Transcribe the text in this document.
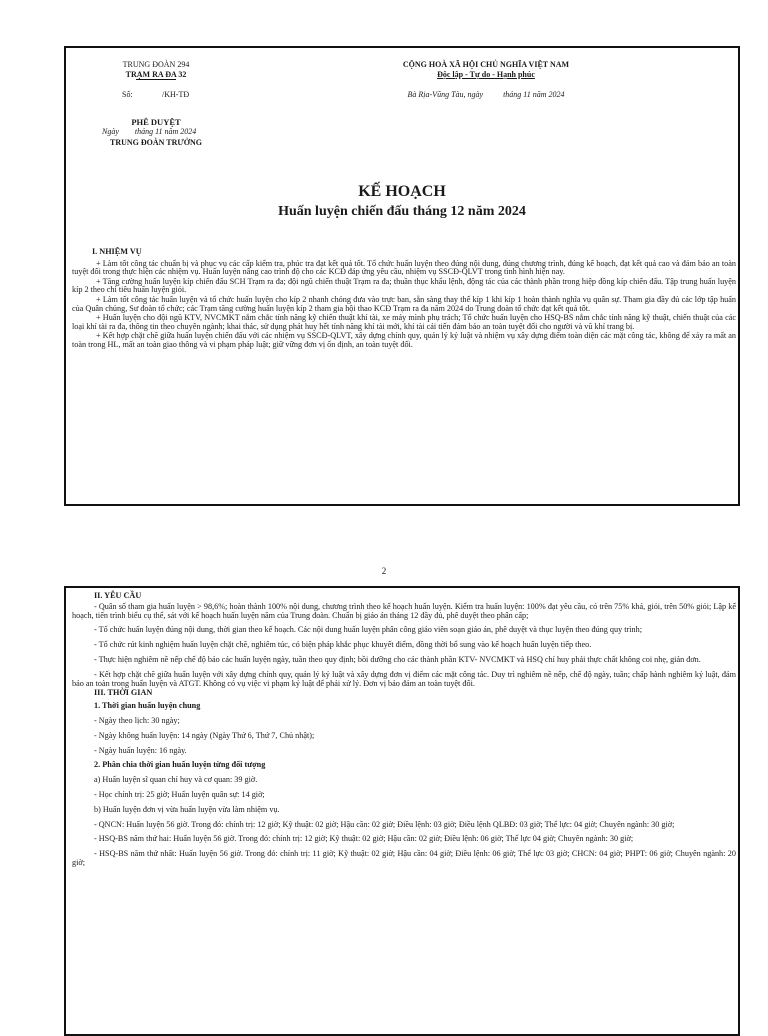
TRUNG ĐOÀN 294
TRẠM RA ĐA 32
Số:	/KH-TĐ
CỘNG HOÀ XÃ HỘI CHỦ NGHĨA VIỆT NAM
Độc lập - Tự do - Hạnh phúc
Bà Rịa-Vũng Tàu, ngày          tháng 11 năm 2024
PHÊ DUYỆT
Ngày        tháng 11 năm 2024
TRUNG ĐOÀN TRƯỞNG
KẾ HOẠCH
Huấn luyện chiến đấu tháng 12 năm 2024

I. NHIỆM VỤ

+ Làm tốt công tác chuẩn bị và phục vụ các cấp kiểm tra, phúc tra đạt kết quả tốt. Tổ chức huấn luyện theo đúng nội dung, đúng chương trình, đúng kế hoạch, đạt kết quả cao và đảm bảo an toàn tuyệt đối trong thực hiện các nhiệm vụ. Huấn luyện nâng cao trình độ cho các KCĐ đáp ứng yêu cầu, nhiệm vụ SSCĐ-QLVT trong tình hình hiện nay.

+ Tăng cường huấn luyện kíp chiến đấu SCH Trạm ra đa; đội ngũ chiến thuật Trạm ra đa; thuần thục khẩu lệnh, động tác của các thành phần trong hiệp đồng kíp chiến đấu. Tập trung huấn luyện kíp 2 theo chỉ tiêu huấn luyện giỏi.

+ Làm tốt công tác huấn luyện và tổ chức huấn luyện cho kíp 2 nhanh chóng đưa vào trực ban, sẵn sàng thay thế kíp 1 khi kíp 1 hoàn thành nghĩa vụ quân sự. Tham gia đầy đủ các lớp tập huấn của Quân chủng, Sư đoàn tổ chức; các Trạm tăng cường huấn luyện kíp 2 tham gia hội thao KCĐ Trạm ra đa năm 2024 do Trung đoàn tổ chức đạt kết quả tốt.

+ Huấn luyện cho đội ngũ KTV, NVCMKT nắm chắc tính năng kỹ chiến thuật khí tài, xe máy mình phụ trách; Tổ chức huấn luyện cho HSQ-BS nắm chắc tính năng kỹ thuật, chiến thuật của các loại khí tài ra đa, thông tin theo chuyên ngành; khai thác, sử dụng phát huy hết tính năng khí tài mới, khí tài cải tiến đảm bảo an toàn tuyệt đối cho người và vũ khí trang bị.

+ Kết hợp chặt chẽ giữa huấn luyện chiến đấu với các nhiệm vụ SSCĐ-QLVT, xây dựng chính quy, quản lý kỷ luật và nhiệm vụ xây dựng điểm toàn diện các mặt công tác, không để xảy ra mất an toàn trong HL, mất an toàn giao thông và vi phạm pháp luật; giữ vững đơn vị ổn định, an toàn tuyệt đối.

2

II. YÊU CẦU

- Quân số tham gia huấn luyện > 98,6%; hoàn thành 100% nội dung, chương trình theo kế hoạch huấn luyện. Kiểm tra huấn luyện: 100% đạt yêu cầu, có trên 75% khá, giỏi, trên 50% giỏi; Lập kế hoạch, tiến trình biểu cụ thể, sát với kế hoạch huấn luyện năm của Trung đoàn. Chuẩn bị giáo án tháng 12 đầy đủ, phê duyệt theo phân cấp;

- Tổ chức huấn luyện đúng nội dung, thời gian theo kế hoạch. Các nội dung huấn luyện phân công giáo viên soạn giáo án, phê duyệt và thục luyện theo đúng quy trình;

- Tổ chức rút kinh nghiệm huấn luyện chặt chẽ, nghiêm túc, có biện pháp khắc phục khuyết điểm, đồng thời bổ sung vào kế hoạch huấn luyện tiếp theo.

- Thực hiện nghiêm nề nếp chế độ bảo các huấn luyện ngày, tuần theo quy định; bồi dưỡng cho các thành phần KTV- NVCMKT và HSQ chỉ huy phải thực chất không coi nhẹ, giản đơn.

- Kết hợp chặt chẽ giữa huấn luyện với xây dựng chính quy, quản lý kỷ luật và xây dựng đơn vị điểm các mặt công tác. Duy trì nghiêm nề nếp, chế độ ngày, tuần; chấp hành nghiêm kỷ luật, đảm bảo an toàn trong huấn luyện và ATGT. Không có vụ việc vi phạm kỷ luật để phải xử lý. Đơn vị bảo đảm an toàn tuyệt đối.

III. THỜI GIAN

1. Thời gian huấn luyện chung

- Ngày theo lịch: 30 ngày;

- Ngày không huấn luyện: 14 ngày (Ngày Thứ 6, Thứ 7, Chủ nhật);

- Ngày huấn luyện: 16 ngày.

2. Phân chia thời gian huấn luyện từng đối tượng

a) Huấn luyện sĩ quan chỉ huy và cơ quan: 39 giờ.

- Học chính trị: 25 giờ; Huấn luyện quân sự: 14 giờ;

b) Huấn luyện đơn vị vừa huấn luyện vừa làm nhiệm vụ.

- QNCN: Huấn luyện 56 giờ. Trong đó: chính trị: 12 giờ; Kỹ thuật: 02 giờ; Hậu cần: 02 giờ; Điều lệnh: 03 giờ; Điều lệnh QLBĐ: 03 giờ; Thể lực: 04 giờ; Chuyên ngành: 30 giờ;

- HSQ-BS năm thứ hai: Huấn luyện 56 giờ. Trong đó: chính trị: 12 giờ; Kỹ thuật: 02 giờ; Hậu cần: 02 giờ; Điều lệnh: 06 giờ; Thể lực 04 giờ; Chuyên ngành: 30 giờ;

- HSQ-BS năm thứ nhất: Huấn luyện 56 giờ. Trong đó: chính trị: 11 giờ; Kỹ thuật: 02 giờ; Hậu cần: 04 giờ; Điều lệnh: 06 giờ; Thể lực 03 giờ; CHCN: 04 giờ; PHPT: 06 giờ; Chuyên ngành: 20 giờ;
